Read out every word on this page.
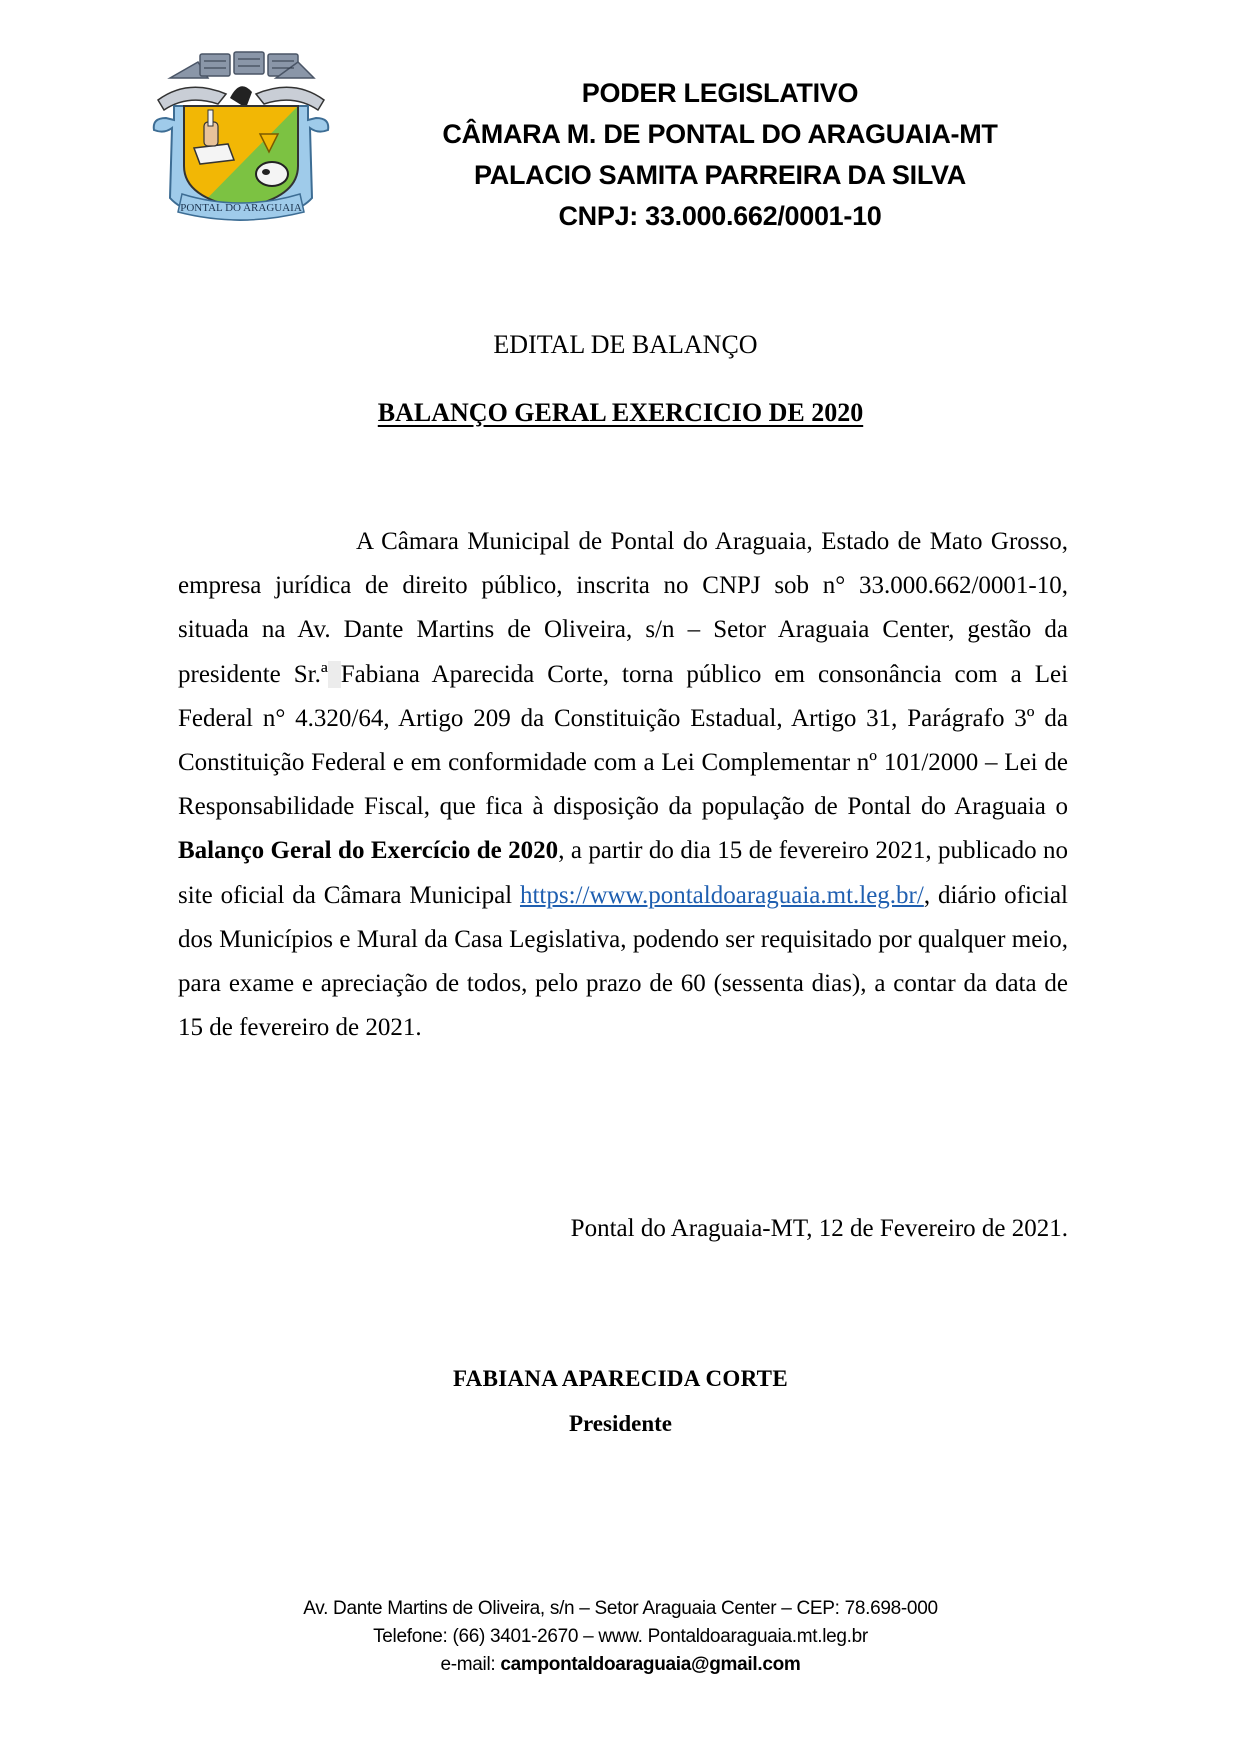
PONTAL DO ARAGUAIA
PODER LEGISLATIVO
CÂMARA M. DE PONTAL DO ARAGUAIA-MT
PALACIO SAMITA PARREIRA DA SILVA
CNPJ: 33.000.662/0001-10
EDITAL DE BALANÇO
BALANÇO GERAL EXERCICIO DE 2020
A Câmara Municipal de Pontal do Araguaia, Estado de Mato Grosso, empresa jurídica de direito público, inscrita no CNPJ sob n° 33.000.662/0001-10, situada na Av. Dante Martins de Oliveira, s/n – Setor Araguaia Center, gestão da presidente Sr.ª Fabiana Aparecida Corte, torna público em consonância com a Lei Federal n° 4.320/64, Artigo 209 da Constituição Estadual, Artigo 31, Parágrafo 3º da Constituição Federal e em conformidade com a Lei Complementar nº 101/2000 – Lei de Responsabilidade Fiscal, que fica à disposição da população de Pontal do Araguaia o Balanço Geral do Exercício de 2020, a partir do dia 15 de fevereiro 2021, publicado no site oficial da Câmara Municipal https://www.pontaldoaraguaia.mt.leg.br/, diário oficial dos Municípios e Mural da Casa Legislativa, podendo ser requisitado por qualquer meio, para exame e apreciação de todos, pelo prazo de 60 (sessenta dias), a contar da data de 15 de fevereiro de 2021.
Pontal do Araguaia-MT, 12 de Fevereiro de 2021.
FABIANA APARECIDA CORTE
Presidente
Av. Dante Martins de Oliveira, s/n – Setor Araguaia Center – CEP: 78.698-000
Telefone: (66) 3401-2670 – www. Pontaldoaraguaia.mt.leg.br
e-mail: campontaldoaraguaia@gmail.com
